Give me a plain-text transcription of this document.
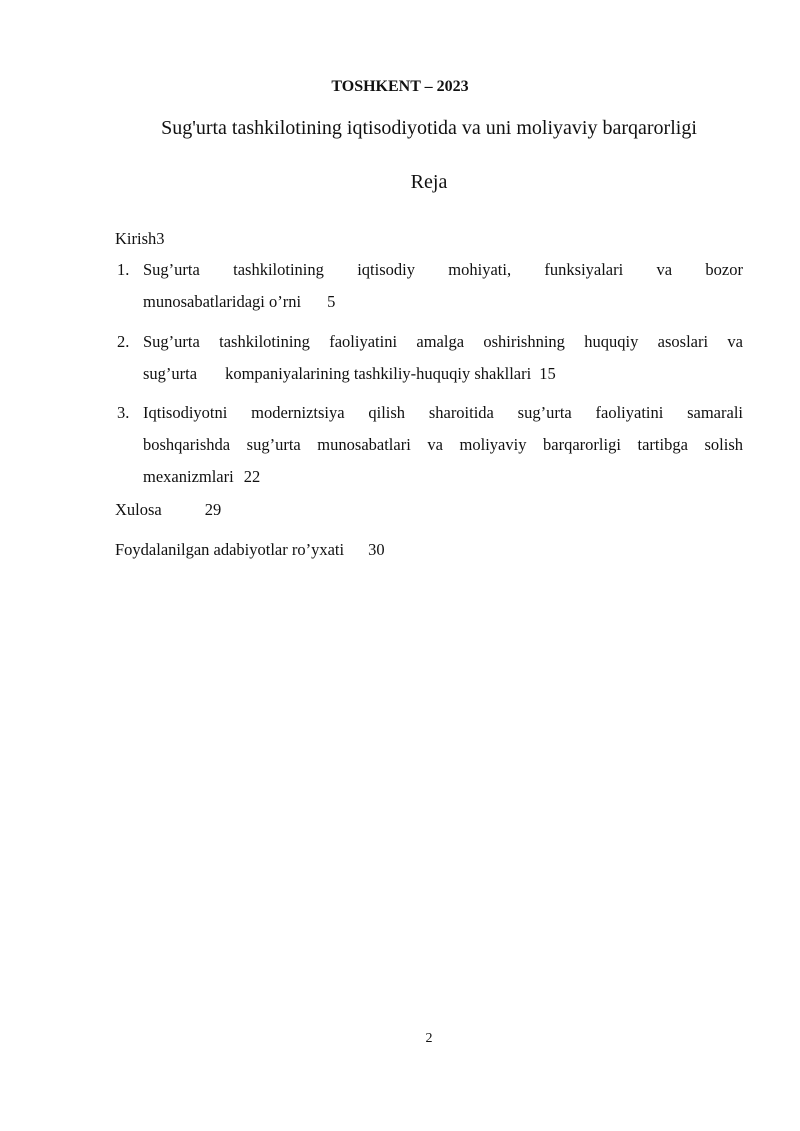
TOSHKENT – 2023
Sug'urta tashkilotining iqtisodiyotida va uni moliyaviy barqarorligi
Reja
Kirish3
1. Sug’urta tashkilotining iqtisodiy mohiyati, funksiyalari va bozor
munosabatlaridagi o’rni 5
2. Sug’urta tashkilotining faoliyatini amalga oshirishning huquqiy asoslari va
sug’urta kompaniyalarining tashkiliy-huquqiy shakllari 15
3. Iqtisodiyotni moderniztsiya qilish sharoitida sug’urta faoliyatini samarali
boshqarishda sug’urta munosabatlari va moliyaviy barqarorligi tartibga solish
mexanizmlari 22
Xulosa	29
Foydalanilgan adabiyotlar ro’yxati 30
2
